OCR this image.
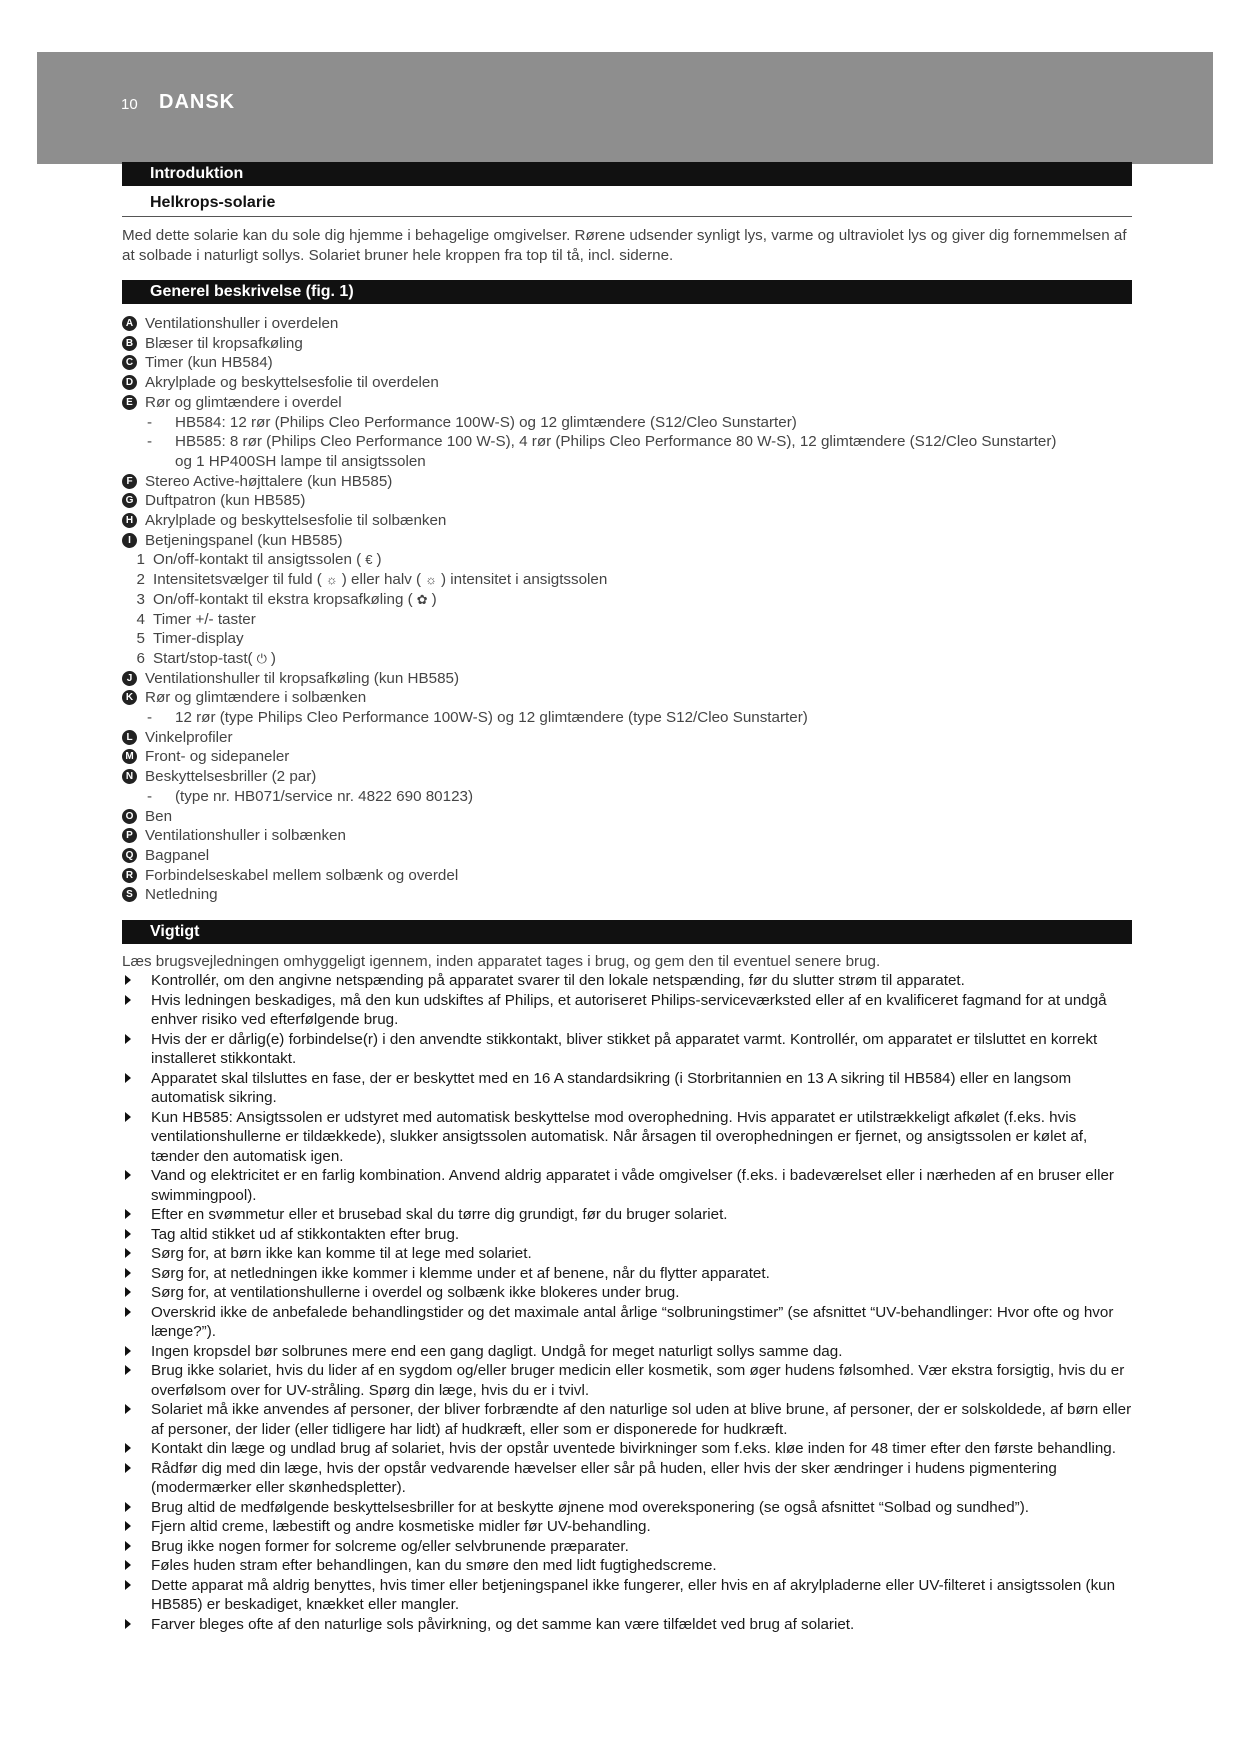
10 DANSK
Introduktion
Helkrops-solarie
Med dette solarie kan du sole dig hjemme i behagelige omgivelser. Rørene udsender synligt lys, varme og ultraviolet lys og giver dig fornemmelsen af at solbade i naturligt sollys. Solariet bruner hele kroppen fra top til tå, incl. siderne.
Generel beskrivelse (fig. 1)
A Ventilationshuller i overdelen
B Blæser til kropsafkøling
C Timer (kun HB584)
D Akrylplade og beskyttelsesfolie til overdelen
E Rør og glimtændere i overdel
-	HB584: 12 rør (Philips Cleo Performance 100W-S) og 12 glimtændere (S12/Cleo Sunstarter)
-	HB585: 8 rør (Philips Cleo Performance 100 W-S), 4 rør (Philips Cleo Performance 80 W-S), 12 glimtændere (S12/Cleo Sunstarter)
og 1 HP400SH lampe til ansigtssolen
F Stereo Active-højttalere (kun HB585)
G Duftpatron (kun HB585)
H Akrylplade og beskyttelsesfolie til solbænken
I Betjeningspanel (kun HB585)
1 On/off-kontakt til ansigtssolen ( € )
2 Intensitetsvælger til fuld ( ☼ ) eller halv ( ☼ ) intensitet i ansigtssolen
3 On/off-kontakt til ekstra kropsafkøling ( ✿ )
4 Timer +/- taster
5 Timer-display
6 Start/stop-tast( ⏻ )
J Ventilationshuller til kropsafkøling (kun HB585)
K Rør og glimtændere i solbænken
-	12 rør (type Philips Cleo Performance 100W-S) og 12 glimtændere (type S12/Cleo Sunstarter)
L Vinkelprofiler
M Front- og sidepaneler
N Beskyttelsesbriller (2 par)
-	(type nr. HB071/service nr. 4822 690 80123)
O Ben
P Ventilationshuller i solbænken
Q Bagpanel
R Forbindelseskabel mellem solbænk og overdel
S Netledning
Vigtigt
Læs brugsvejledningen omhyggeligt igennem, inden apparatet tages i brug, og gem den til eventuel senere brug.
Kontrollér, om den angivne netspænding på apparatet svarer til den lokale netspænding, før du slutter strøm til apparatet.
Hvis ledningen beskadiges, må den kun udskiftes af Philips, et autoriseret Philips-serviceværksted eller af en kvalificeret fagmand for at undgå enhver risiko ved efterfølgende brug.
Hvis der er dårlig(e) forbindelse(r) i den anvendte stikkontakt, bliver stikket på apparatet varmt. Kontrollér, om apparatet er tilsluttet en korrekt installeret stikkontakt.
Apparatet skal tilsluttes en fase, der er beskyttet med en 16 A standardsikring (i Storbritannien en 13 A sikring til HB584) eller en langsom automatisk sikring.
Kun HB585: Ansigtssolen er udstyret med automatisk beskyttelse mod overophedning. Hvis apparatet er utilstrækkeligt afkølet (f.eks. hvis ventilationshullerne er tildækkede), slukker ansigtssolen automatisk. Når årsagen til overophedningen er fjernet, og ansigtssolen er kølet af, tænder den automatisk igen.
Vand og elektricitet er en farlig kombination. Anvend aldrig apparatet i våde omgivelser (f.eks. i badeværelset eller i nærheden af en bruser eller swimmingpool).
Efter en svømmetur eller et brusebad skal du tørre dig grundigt, før du bruger solariet.
Tag altid stikket ud af stikkontakten efter brug.
Sørg for, at børn ikke kan komme til at lege med solariet.
Sørg for, at netledningen ikke kommer i klemme under et af benene, når du flytter apparatet.
Sørg for, at ventilationshullerne i overdel og solbænk ikke blokeres under brug.
Overskrid ikke de anbefalede behandlingstider og det maximale antal årlige “solbruningstimer” (se afsnittet “UV-behandlinger: Hvor ofte og hvor længe?”).
Ingen kropsdel bør solbrunes mere end een gang dagligt. Undgå for meget naturligt sollys samme dag.
Brug ikke solariet, hvis du lider af en sygdom og/eller bruger medicin eller kosmetik, som øger hudens følsomhed. Vær ekstra forsigtig, hvis du er overfølsom over for UV-stråling. Spørg din læge, hvis du er i tvivl.
Solariet må ikke anvendes af personer, der bliver forbrændte af den naturlige sol uden at blive brune, af personer, der er solskoldede, af børn eller af personer, der lider (eller tidligere har lidt) af hudkræft, eller som er disponerede for hudkræft.
Kontakt din læge og undlad brug af solariet, hvis der opstår uventede bivirkninger som f.eks. kløe inden for 48 timer efter den første behandling.
Rådfør dig med din læge, hvis der opstår vedvarende hævelser eller sår på huden, eller hvis der sker ændringer i hudens pigmentering (modermærker eller skønhedspletter).
Brug altid de medfølgende beskyttelsesbriller for at beskytte øjnene mod overeksponering (se også afsnittet “Solbad og sundhed”).
Fjern altid creme, læbestift og andre kosmetiske midler før UV-behandling.
Brug ikke nogen former for solcreme og/eller selvbrunende præparater.
Føles huden stram efter behandlingen, kan du smøre den med lidt fugtighedscreme.
Dette apparat må aldrig benyttes, hvis timer eller betjeningspanel ikke fungerer, eller hvis en af akrylpladerne eller UV-filteret i ansigtssolen (kun HB585) er beskadiget, knækket eller mangler.
Farver bleges ofte af den naturlige sols påvirkning, og det samme kan være tilfældet ved brug af solariet.
